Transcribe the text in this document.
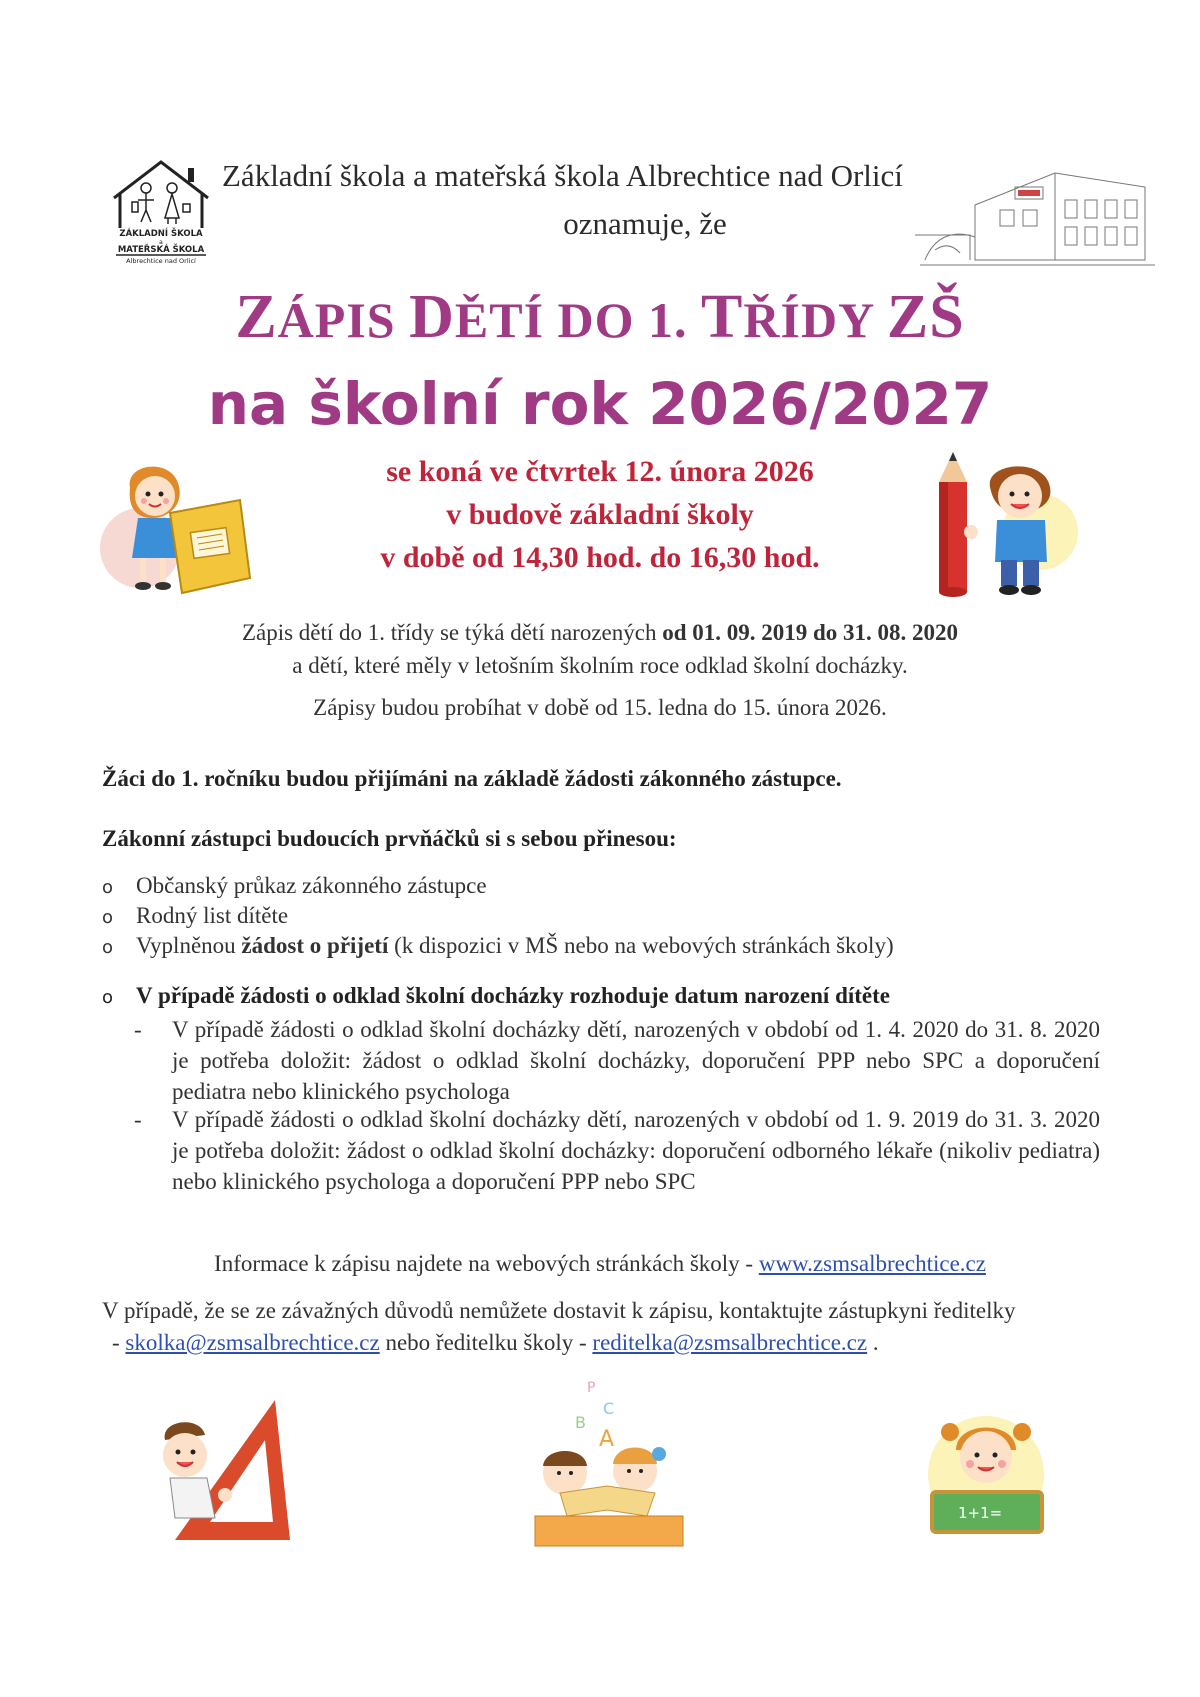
ZÁKLADNÍ ŠKOLA
a
MATEŘSKÁ ŠKOLA
Albrechtice nad Orlicí
Základní škola a mateřská škola Albrechtice nad Orlicí
oznamuje, že
ZÁPIS DĚTÍ DO 1. TŘÍDY ZŠ
na školní rok 2026/2027
se koná ve čtvrtek 12. února 2026
v budově základní školy
v době od 14,30 hod. do 16,30 hod.
Zápis dětí do 1. třídy se týká dětí narozených od 01. 09. 2019 do 31. 08. 2020
a dětí, které měly v letošním školním roce odklad školní docházky.
Zápisy budou probíhat v době od 15. ledna do 15. února 2026.
Žáci do 1. ročníku budou přijímáni na základě žádosti zákonného zástupce.
Zákonní zástupci budoucích prvňáčků si s sebou přinesou:
o Občanský průkaz zákonného zástupce
o Rodný list dítěte
o Vyplněnou žádost o přijetí (k dispozici v MŠ nebo na webových stránkách školy)
o V případě žádosti o odklad školní docházky rozhoduje datum narození dítěte
- V případě žádosti o odklad školní docházky dětí, narozených v období od 1. 4. 2020 do 31. 8. 2020 je potřeba doložit: žádost o odklad školní docházky, doporučení PPP nebo SPC a doporučení pediatra nebo klinického psychologa
- V případě žádosti o odklad školní docházky dětí, narozených v období od 1. 9. 2019 do 31. 3. 2020 je potřeba doložit: žádost o odklad školní docházky: doporučení odborného lékaře (nikoliv pediatra) nebo klinického psychologa a doporučení PPP nebo SPC
Informace k zápisu najdete na webových stránkách školy - www.zsmsalbrechtice.cz
V případě, že se ze závažných důvodů nemůžete dostavit k zápisu, kontaktujte zástupkyni ředitelky
- skolka@zsmsalbrechtice.cz nebo ředitelku školy - reditelka@zsmsalbrechtice.cz .
P
C
B
A
1+1=
